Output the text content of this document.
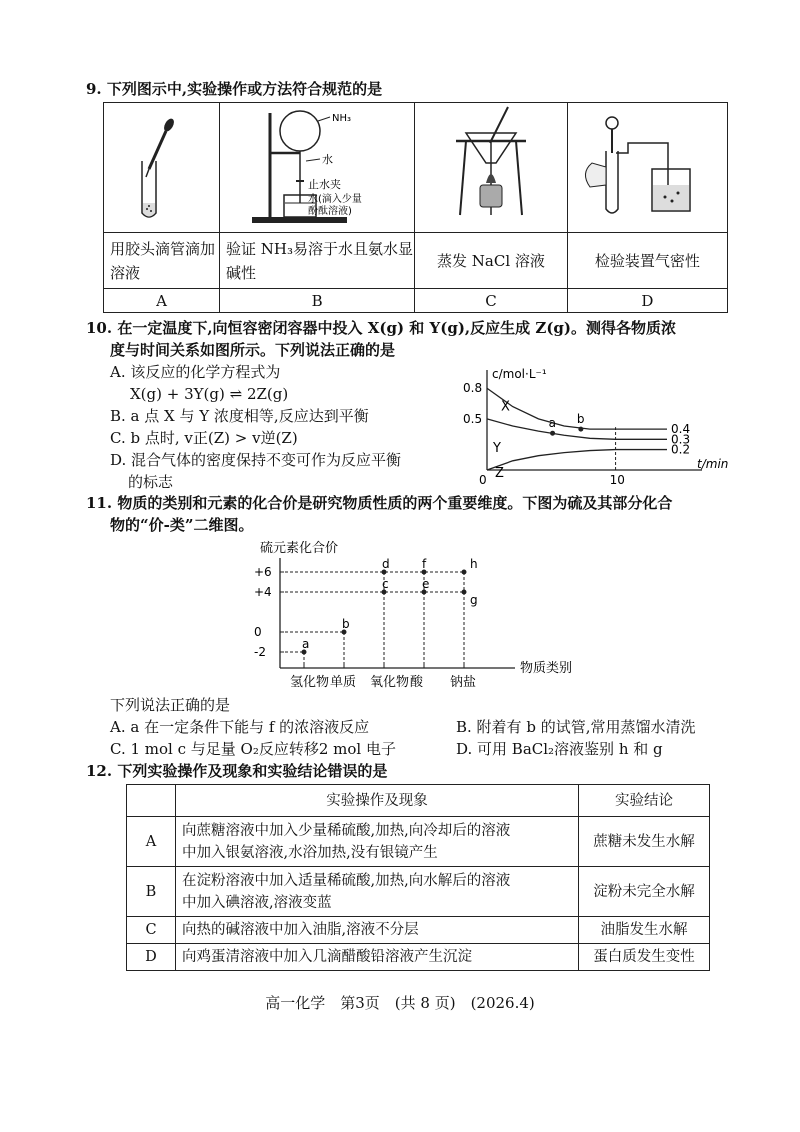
9. 下列图示中,实验操作或方法符合规范的是

NH₃
水
止水夹
水(滴入少量
酚酞溶液)

用胶头滴管滴加溶液	验证 NH₃易溶于水且氨水显碱性	蒸发 NaCl 溶液	检验装置气密性
A	B	C	D
10. 在一定温度下,向恒容密闭容器中投入 X(g) 和 Y(g),反应生成 Z(g)。测得各物质浓
度与时间关系如图所示。下列说法正确的是
A. 该反应的化学方程式为
X(g) + 3Y(g) ⇌ 2Z(g)
B. a 点 X 与 Y 浓度相等,反应达到平衡
C. b 点时, v正(Z) > v逆(Z)
D. 混合气体的密度保持不变可作为反应平衡
的标志
c/mol·L⁻¹
t/min
0	10
0.8
0.5
0.4
X
0.3
Y	0.2
Z
a b
11. 物质的类别和元素的化合价是研究物质性质的两个重要维度。下图为硫及其部分化合
物的“价-类”二维图。
硫元素化合价
物质类别
+6
+4
0
-2
氢化物 单质 氧化物 酸 钠盐
a
b
c
d
e
f
g
h
下列说法正确的是
A. a 在一定条件下能与 f 的浓溶液反应	B. 附着有 b 的试管,常用蒸馏水清洗
C. 1 mol c 与足量 O₂反应转移2 mol 电子	D. 可用 BaCl₂溶液鉴别 h 和 g
12. 下列实验操作及现象和实验结论错误的是
	实验操作及现象	实验结论
A	向蔗糖溶液中加入少量稀硫酸,加热,向冷却后的溶液
中加入银氨溶液,水浴加热,没有银镜产生	蔗糖未发生水解
B	在淀粉溶液中加入适量稀硫酸,加热,向水解后的溶液
中加入碘溶液,溶液变蓝	淀粉未完全水解
C	向热的碱溶液中加入油脂,溶液不分层	油脂发生水解
D	向鸡蛋清溶液中加入几滴醋酸铅溶液产生沉淀	蛋白质发生变性
高一化学　第3页　(共 8 页)　(2026.4)
